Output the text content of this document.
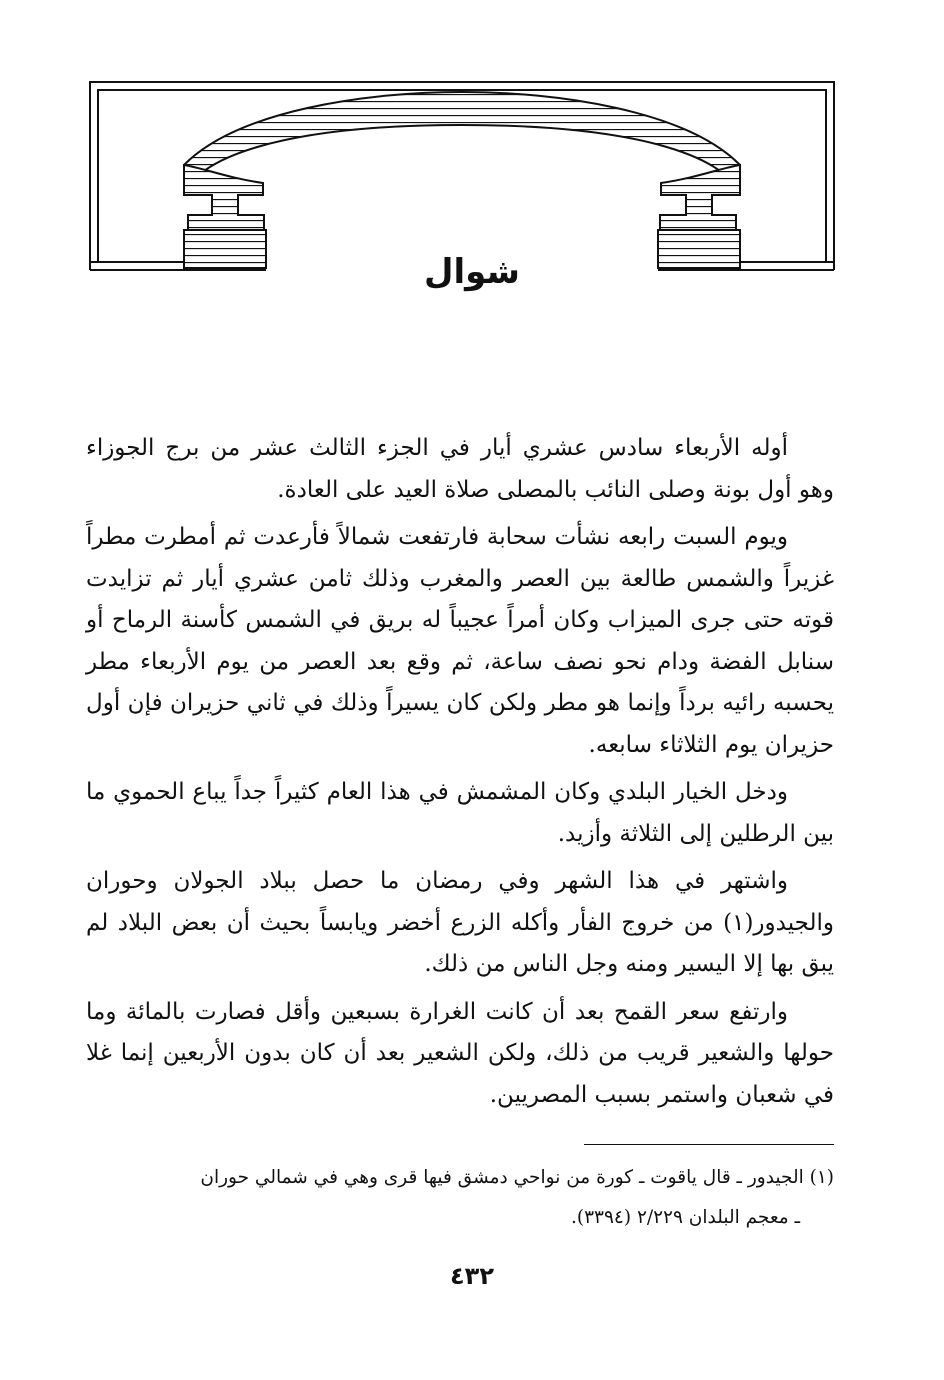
شوال

أوله الأربعاء سادس عشري أيار في الجزء الثالث عشر من برج الجوزاء وهو أول بونة وصلى النائب بالمصلى صلاة العيد على العادة.

ويوم السبت رابعه نشأت سحابة فارتفعت شمالاً فأرعدت ثم أمطرت مطراً غزيراً والشمس طالعة بين العصر والمغرب وذلك ثامن عشري أيار ثم تزايدت قوته حتى جرى الميزاب وكان أمراً عجيباً له بريق في الشمس كأسنة الرماح أو سنابل الفضة ودام نحو نصف ساعة، ثم وقع بعد العصر من يوم الأربعاء مطر يحسبه رائيه برداً وإنما هو مطر ولكن كان يسيراً وذلك في ثاني حزيران فإن أول حزيران يوم الثلاثاء سابعه.

ودخل الخيار البلدي وكان المشمش في هذا العام كثيراً جداً يباع الحموي ما بين الرطلين إلى الثلاثة وأزيد.

واشتهر في هذا الشهر وفي رمضان ما حصل ببلاد الجولان وحوران والجيدور(١) من خروج الفأر وأكله الزرع أخضر ويابساً بحيث أن بعض البلاد لم يبق بها إلا اليسير ومنه وجل الناس من ذلك.

وارتفع سعر القمح بعد أن كانت الغرارة بسبعين وأقل فصارت بالمائة وما حولها والشعير قريب من ذلك، ولكن الشعير بعد أن كان بدون الأربعين إنما غلا في شعبان واستمر بسبب المصريين.

(١) الجيدور ـ قال ياقوت ـ كورة من نواحي دمشق فيها قرى وهي في شمالي حوران

ـ معجم البلدان ٢/٢٢٩ (٣٣٩٤).

٤٣٢
